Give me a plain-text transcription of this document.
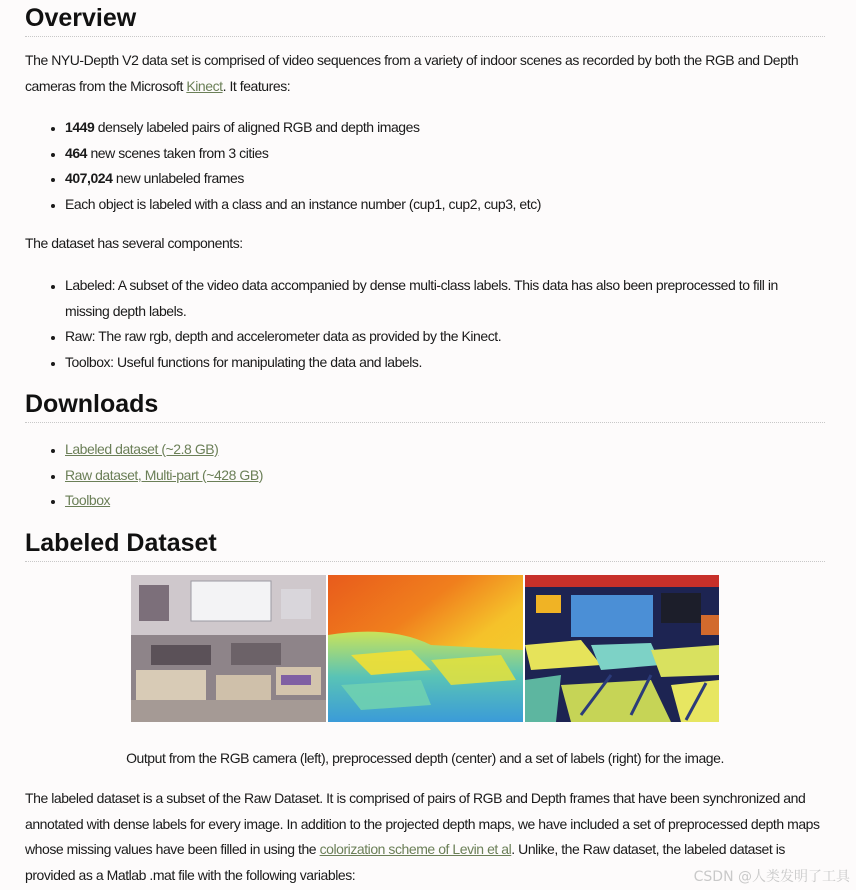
Overview

The NYU-Depth V2 data set is comprised of video sequences from a variety of indoor scenes as recorded by both the RGB and Depth cameras from the Microsoft Kinect. It features:

• 1449 densely labeled pairs of aligned RGB and depth images
• 464 new scenes taken from 3 cities
• 407,024 new unlabeled frames
• Each object is labeled with a class and an instance number (cup1, cup2, cup3, etc)

The dataset has several components:

• Labeled: A subset of the video data accompanied by dense multi-class labels. This data has also been preprocessed to fill in missing depth labels.
• Raw: The raw rgb, depth and accelerometer data as provided by the Kinect.
• Toolbox: Useful functions for manipulating the data and labels.
Downloads
• Labeled dataset (~2.8 GB)
• Raw dataset, Multi-part (~428 GB)
• Toolbox
Labeled Dataset

Output from the RGB camera (left), preprocessed depth (center) and a set of labels (right) for the image.

The labeled dataset is a subset of the Raw Dataset. It is comprised of pairs of RGB and Depth frames that have been synchronized and annotated with dense labels for every image. In addition to the projected depth maps, we have included a set of preprocessed depth maps whose missing values have been filled in using the colorization scheme of Levin et al. Unlike, the Raw dataset, the labeled dataset is provided as a Matlab .mat file with the following variables:	CSDN @人类发明了工具
